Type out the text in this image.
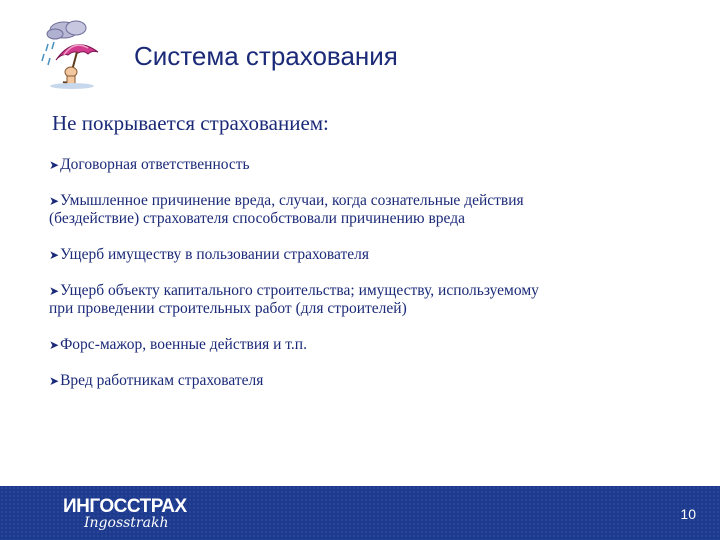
Система страхования
Не покрывается страхованием:
➤Договорная ответственность
➤Умышленное причинение вреда, случаи, когда сознательные действия
(бездействие) страхователя способствовали причинению вреда
➤Ущерб имуществу в пользовании страхователя
➤Ущерб объекту капитального строительства; имуществу, используемому
при проведении строительных работ (для строителей)
➤Форс-мажор, военные действия и т.п.
➤Вред работникам страхователя
ИНГОССТРАХ
Ingosstrakh
10
